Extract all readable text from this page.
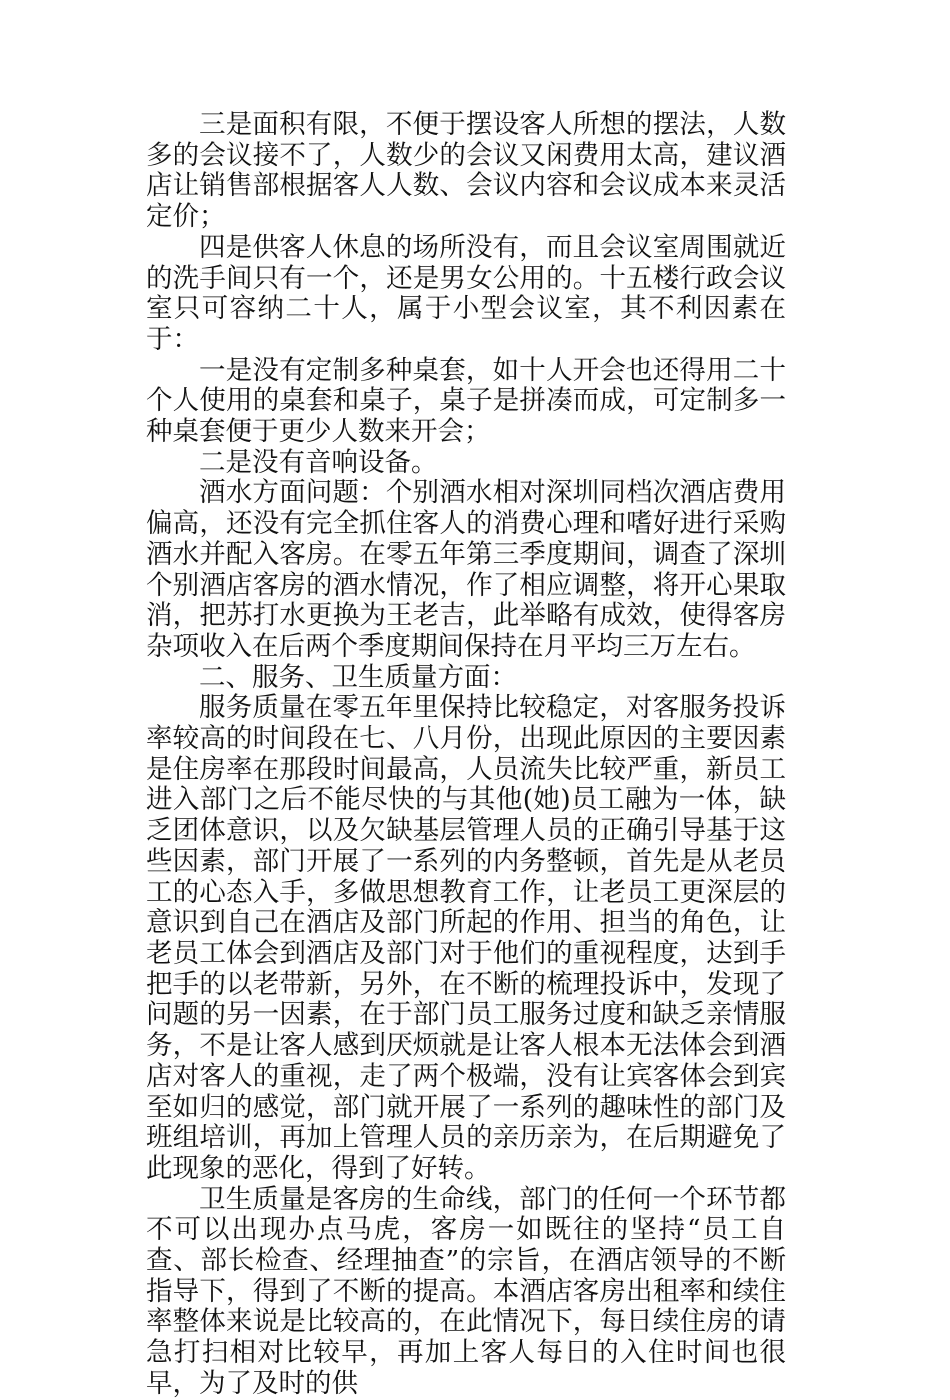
三是面积有限，不便于摆设客人所想的摆法，人数多的会议接不了，人数少的会议又闲费用太高，建议酒店让销售部根据客人人数、会议内容和会议成本来灵活定价；

四是供客人休息的场所没有，而且会议室周围就近的洗手间只有一个，还是男女公用的。十五楼行政会议室只可容纳二十人，属于小型会议室，其不利因素在于：

一是没有定制多种桌套，如十人开会也还得用二十个人使用的桌套和桌子，桌子是拼凑而成，可定制多一种桌套便于更少人数来开会；

二是没有音响设备。

酒水方面问题：个别酒水相对深圳同档次酒店费用偏高，还没有完全抓住客人的消费心理和嗜好进行采购酒水并配入客房。在零五年第三季度期间，调查了深圳个别酒店客房的酒水情况，作了相应调整，将开心果取消，把苏打水更换为王老吉，此举略有成效，使得客房杂项收入在后两个季度期间保持在月平均三万左右。

二、服务、卫生质量方面：

服务质量在零五年里保持比较稳定，对客服务投诉率较高的时间段在七、八月份，出现此原因的主要因素是住房率在那段时间最高，人员流失比较严重，新员工进入部门之后不能尽快的与其他(她)员工融为一体，缺乏团体意识，以及欠缺基层管理人员的正确引导基于这些因素，部门开展了一系列的内务整顿，首先是从老员工的心态入手，多做思想教育工作，让老员工更深层的意识到自己在酒店及部门所起的作用、担当的角色，让老员工体会到酒店及部门对于他们的重视程度，达到手把手的以老带新，另外，在不断的梳理投诉中，发现了问题的另一因素，在于部门员工服务过度和缺乏亲情服务，不是让客人感到厌烦就是让客人根本无法体会到酒店对客人的重视，走了两个极端，没有让宾客体会到宾至如归的感觉，部门就开展了一系列的趣味性的部门及班组培训，再加上管理人员的亲历亲为，在后期避免了此现象的恶化，得到了好转。

卫生质量是客房的生命线，部门的任何一个环节都不可以出现办点马虎，客房一如既往的坚持“员工自查、部长检查、经理抽查”的宗旨，在酒店领导的不断指导下，得到了不断的提高。本酒店客房出租率和续住率整体来说是比较高的，在此情况下，每日续住房的请急打扫相对比较早，再加上客人每日的入住时间也很早，为了及时的供
